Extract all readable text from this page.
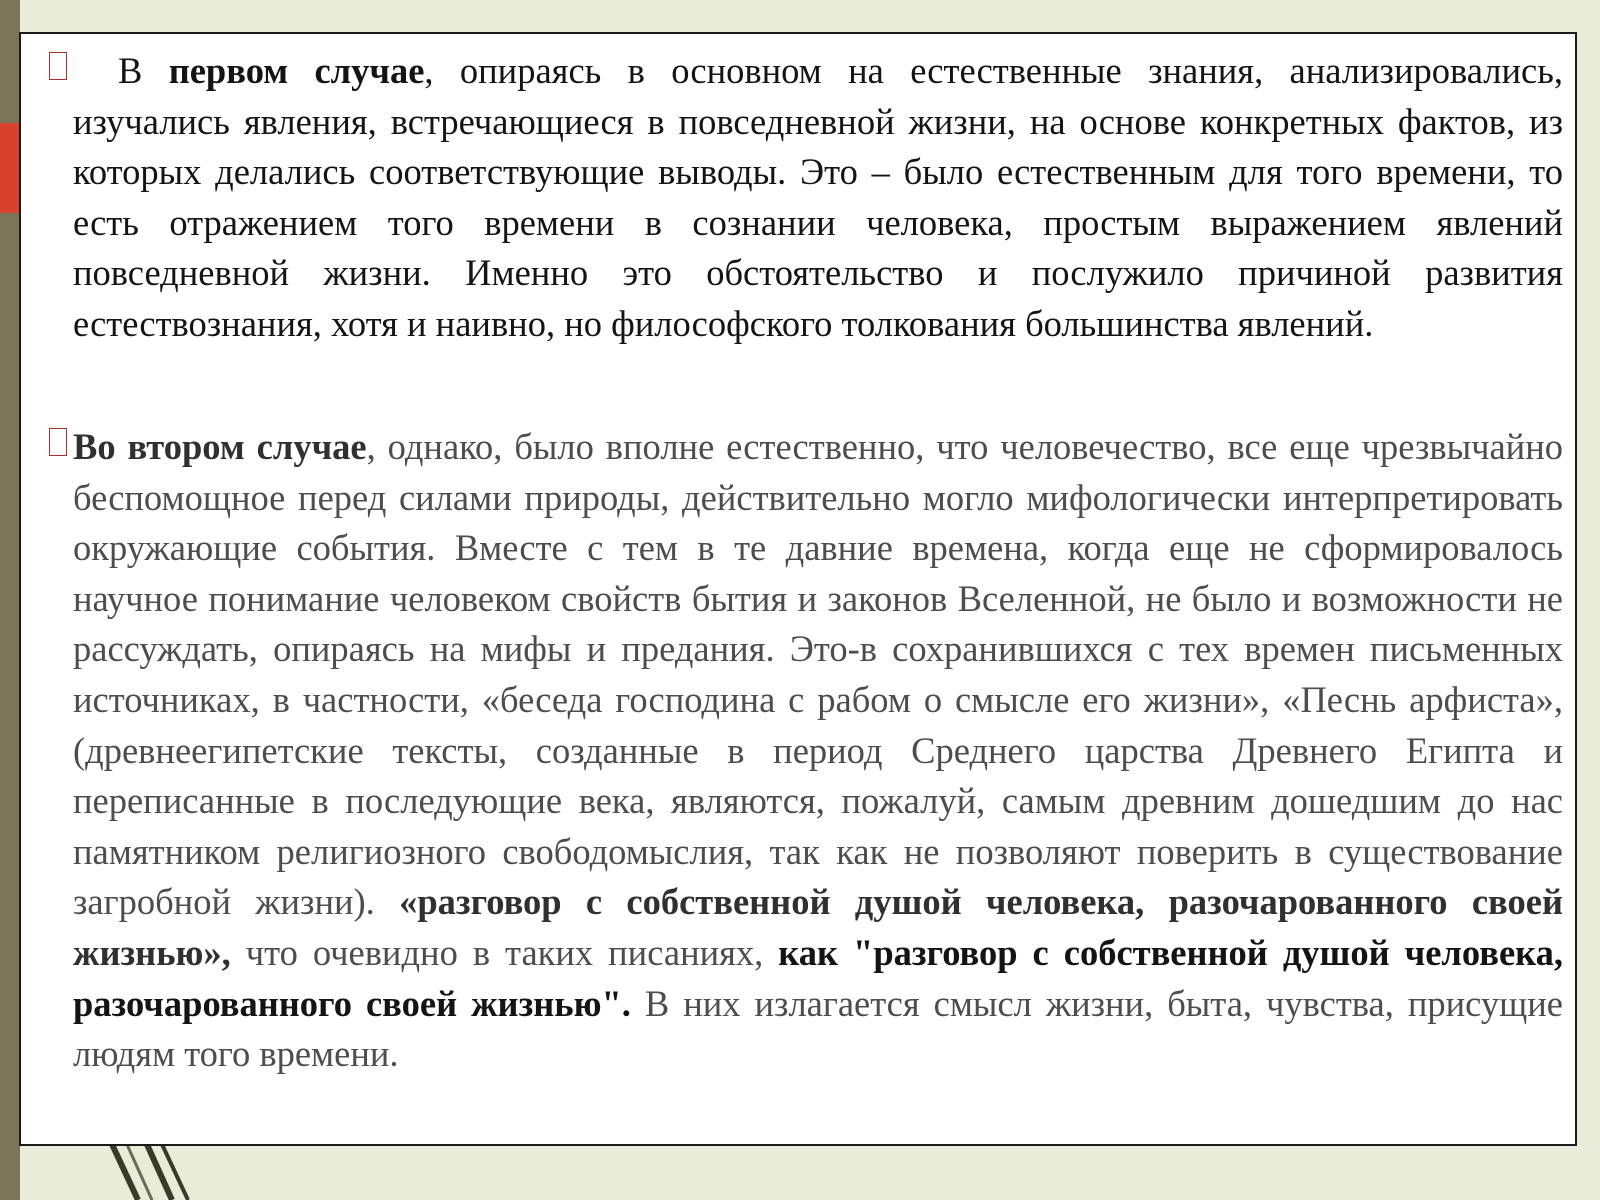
В первом случае, опираясь в основном на естественные знания, анализировались, изучались явления, встречающиеся в повседневной жизни, на основе конкретных фактов, из которых делались соответствующие выводы. Это – было естественным для того времени, то есть отражением того времени в сознании человека, простым выражением явлений повседневной жизни. Именно это обстоятельство и послужило причиной развития естествознания, хотя и наивно, но философского толкования большинства явлений.

Во втором случае, однако, было вполне естественно, что человечество, все еще чрезвычайно беспомощное перед силами природы, действительно могло мифологически интерпретировать окружающие события. Вместе с тем в те давние времена, когда еще не сформировалось научное понимание человеком свойств бытия и законов Вселенной, не было и возможности не рассуждать, опираясь на мифы и предания. Это-в сохранившихся с тех времен письменных источниках, в частности, «беседа господина с рабом о смысле его жизни», «Песнь арфиста», (древнеегипетские тексты, созданные в период Среднего царства Древнего Египта и переписанные в последующие века, являются, пожалуй, самым древним дошедшим до нас памятником религиозного свободомыслия, так как не позволяют поверить в существование загробной жизни). «разговор с собственной душой человека, разочарованного своей жизнью», что очевидно в таких писаниях, как "разговор с собственной душой человека, разочарованного своей жизнью". В них излагается смысл жизни, быта, чувства, присущие людям того времени.
